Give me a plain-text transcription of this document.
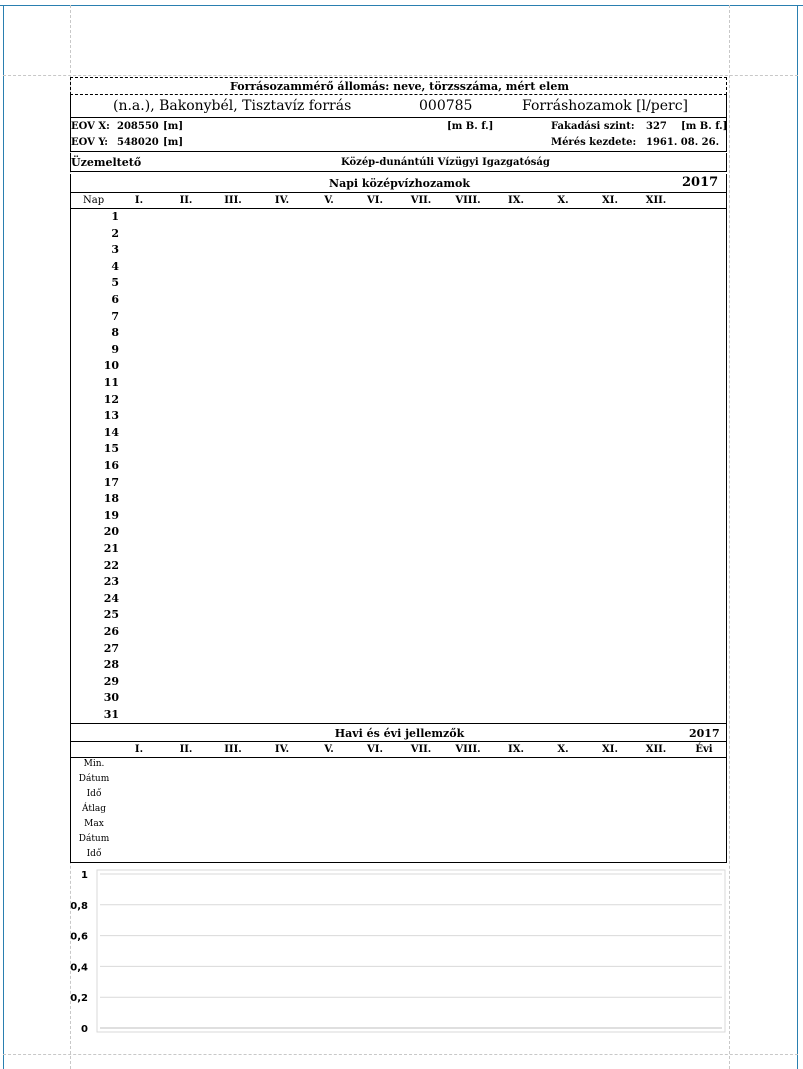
Forrásozammérő állomás: neve, törzsszáma, mért elem
(n.a.), Bakonybél, Tisztavíz forrás	000785	Forráshozamok [l/perc]
EOV X: 208550 [m]	[m B. f.]	Fakadási szint: 327 [m B. f.]
EOV Y: 548020 [m]	Mérés kezdete: 1961. 08. 26.
Üzemeltető	Közép-dunántúli Vízügyi Igazgatóság
Napi középvízhozamok	2017
Nap	I.	II.	III.	IV.	V.	VI.	VII.	VIII.	IX.	X.	XI.	XII.
1
2
3
4
5
6
7
8
9
10
11
12
13
14
15
16
17
18
19
20
21
22
23
24
25
26
27
28
29
30
31
Havi és évi jellemzők	2017
I.	II.	III.	IV.	V.	VI.	VII.	VIII.	IX.	X.	XI.	XII.	Évi
Min.
Dátum
Idő
Átlag
Max
Dátum
Idő
1
0,8
0,6
0,4
0,2
0
